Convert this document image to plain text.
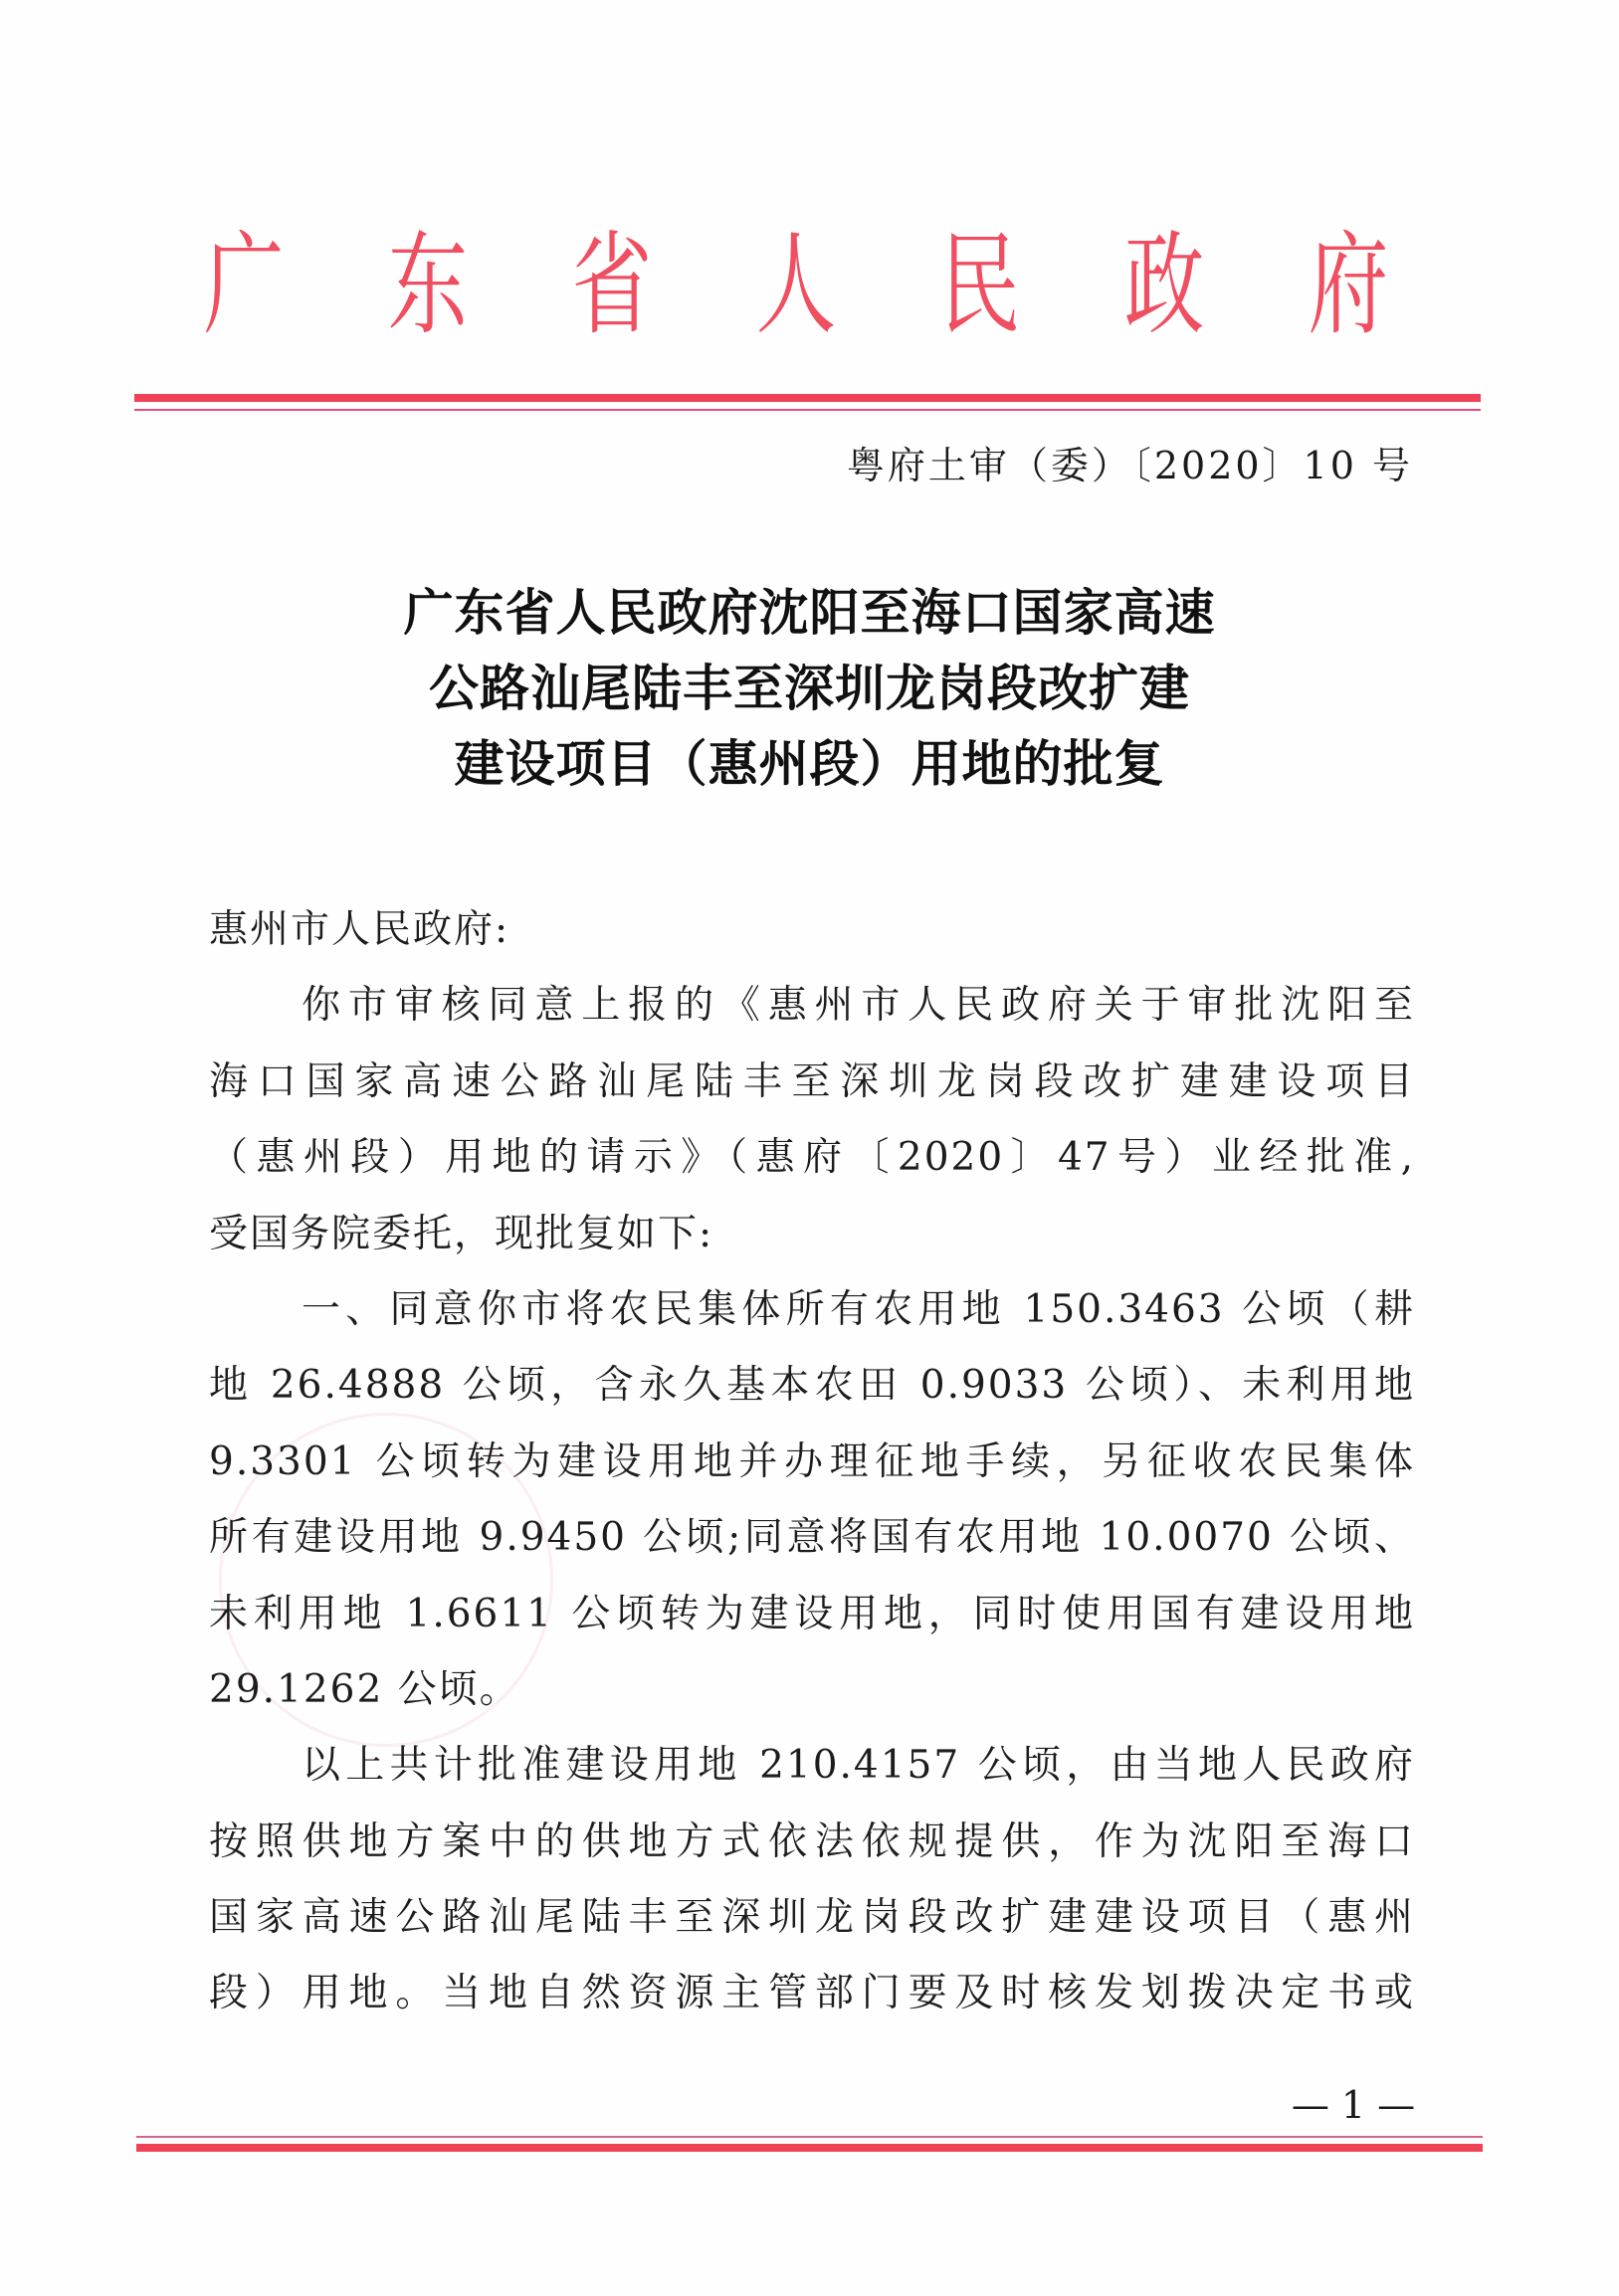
广 东 省 人 民 政 府
粤府土审（委）〔2020〕10 号
广东省人民政府沈阳至海口国家高速
公路汕尾陆丰至深圳龙岗段改扩建
建设项目（惠州段）用地的批复
惠州市人民政府:
你市审核同意上报的《惠州市人民政府关于审批沈阳至
海口国家高速公路汕尾陆丰至深圳龙岗段改扩建建设项目
（惠州段）用地的请示》（惠府〔2020〕47号）业经批准,
受国务院委托，现批复如下:
一、同意你市将农民集体所有农用地 150.3463 公顷（耕
地 26.4888 公顷，含永久基本农田 0.9033 公顷）、未利用地
9.3301 公顷转为建设用地并办理征地手续，另征收农民集体
所有建设用地 9.9450 公顷;同意将国有农用地 10.0070 公顷、
未利用地 1.6611 公顷转为建设用地，同时使用国有建设用地
29.1262 公顷。
以上共计批准建设用地 210.4157 公顷，由当地人民政府
按照供地方案中的供地方式依法依规提供，作为沈阳至海口
国家高速公路汕尾陆丰至深圳龙岗段改扩建建设项目（惠州
段）用地。当地自然资源主管部门要及时核发划拨决定书或
— 1 —
